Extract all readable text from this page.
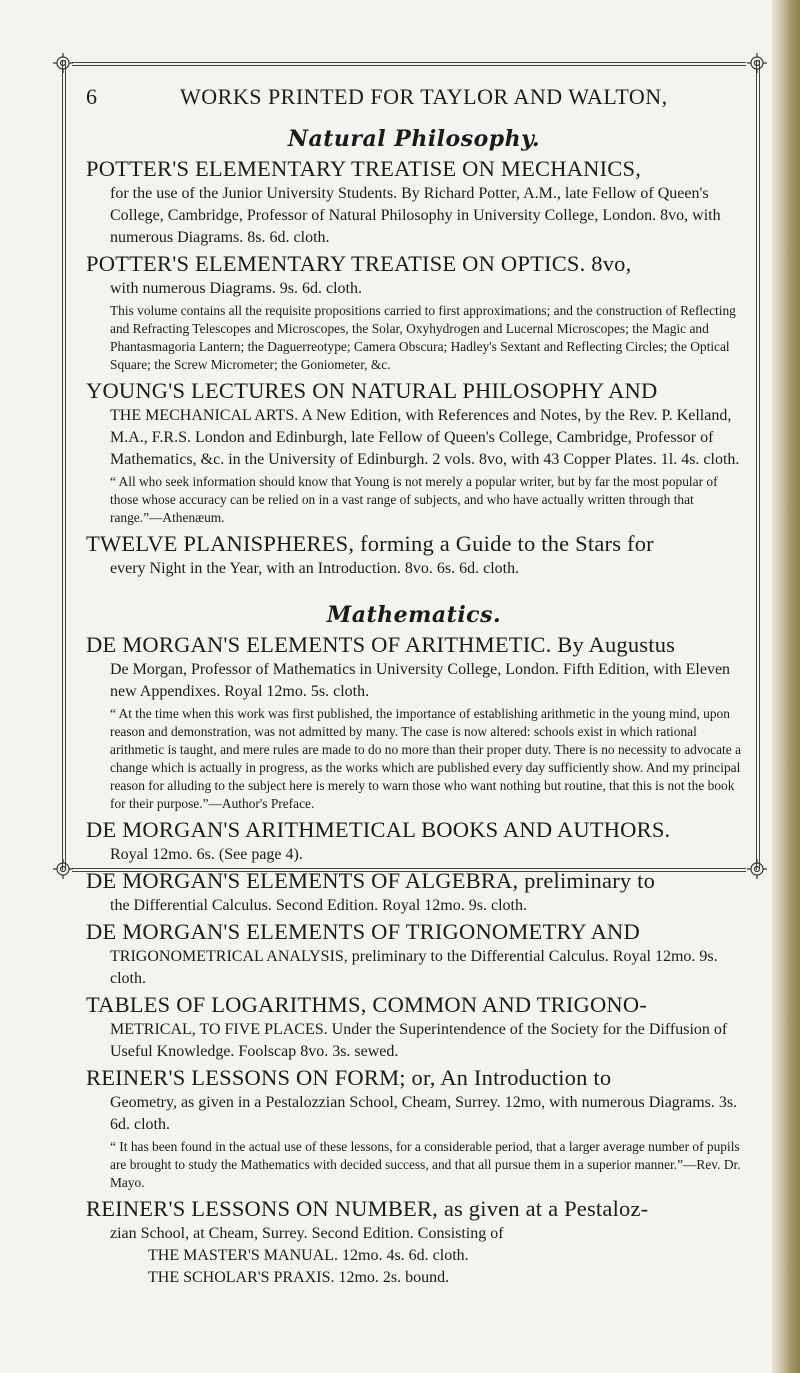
6	WORKS PRINTED FOR TAYLOR AND WALTON,
Natural Philosophy.

POTTER'S ELEMENTARY TREATISE ON MECHANICS,

for the use of the Junior University Students. By Richard Potter, A.M., late Fellow of Queen's College, Cambridge, Professor of Natural Philosophy in University College, London. 8vo, with numerous Diagrams. 8s. 6d. cloth.

POTTER'S ELEMENTARY TREATISE ON OPTICS. 8vo,

with numerous Diagrams. 9s. 6d. cloth.

This volume contains all the requisite propositions carried to first approximations; and the construction of Reflecting and Refracting Telescopes and Microscopes, the Solar, Oxyhydrogen and Lucernal Microscopes; the Magic and Phantasmagoria Lantern; the Daguerreotype; Camera Obscura; Hadley's Sextant and Reflecting Circles; the Optical Square; the Screw Micrometer; the Goniometer, &c.

YOUNG'S LECTURES ON NATURAL PHILOSOPHY AND

THE MECHANICAL ARTS. A New Edition, with References and Notes, by the Rev. P. Kelland, M.A., F.R.S. London and Edinburgh, late Fellow of Queen's College, Cambridge, Professor of Mathematics, &c. in the University of Edinburgh. 2 vols. 8vo, with 43 Copper Plates. 1l. 4s. cloth.

“ All who seek information should know that Young is not merely a popular writer, but by far the most popular of those whose accuracy can be relied on in a vast range of subjects, and who have actually written through that range.”—Athenæum.

TWELVE PLANISPHERES, forming a Guide to the Stars for

every Night in the Year, with an Introduction. 8vo. 6s. 6d. cloth.

Mathematics.

DE MORGAN'S ELEMENTS OF ARITHMETIC. By Augustus

De Morgan, Professor of Mathematics in University College, London. Fifth Edition, with Eleven new Appendixes. Royal 12mo. 5s. cloth.

“ At the time when this work was first published, the importance of establishing arithmetic in the young mind, upon reason and demonstration, was not admitted by many. The case is now altered: schools exist in which rational arithmetic is taught, and mere rules are made to do no more than their proper duty. There is no necessity to advocate a change which is actually in progress, as the works which are published every day sufficiently show. And my principal reason for alluding to the subject here is merely to warn those who want nothing but routine, that this is not the book for their purpose.”—Author's Preface.

DE MORGAN'S ARITHMETICAL BOOKS AND AUTHORS.

Royal 12mo. 6s. (See page 4).

DE MORGAN'S ELEMENTS OF ALGEBRA, preliminary to

the Differential Calculus. Second Edition. Royal 12mo. 9s. cloth.

DE MORGAN'S ELEMENTS OF TRIGONOMETRY AND

TRIGONOMETRICAL ANALYSIS, preliminary to the Differential Calculus. Royal 12mo. 9s. cloth.

TABLES OF LOGARITHMS, COMMON AND TRIGONO-

METRICAL, TO FIVE PLACES. Under the Superintendence of the Society for the Diffusion of Useful Knowledge. Foolscap 8vo. 3s. sewed.

REINER'S LESSONS ON FORM; or, An Introduction to

Geometry, as given in a Pestalozzian School, Cheam, Surrey. 12mo, with numerous Diagrams. 3s. 6d. cloth.

“ It has been found in the actual use of these lessons, for a considerable period, that a larger average number of pupils are brought to study the Mathematics with decided success, and that all pursue them in a superior manner.”—Rev. Dr. Mayo.

REINER'S LESSONS ON NUMBER, as given at a Pestaloz-

zian School, at Cheam, Surrey. Second Edition. Consisting of

THE MASTER'S MANUAL. 12mo. 4s. 6d. cloth.

THE SCHOLAR'S PRAXIS. 12mo. 2s. bound.
